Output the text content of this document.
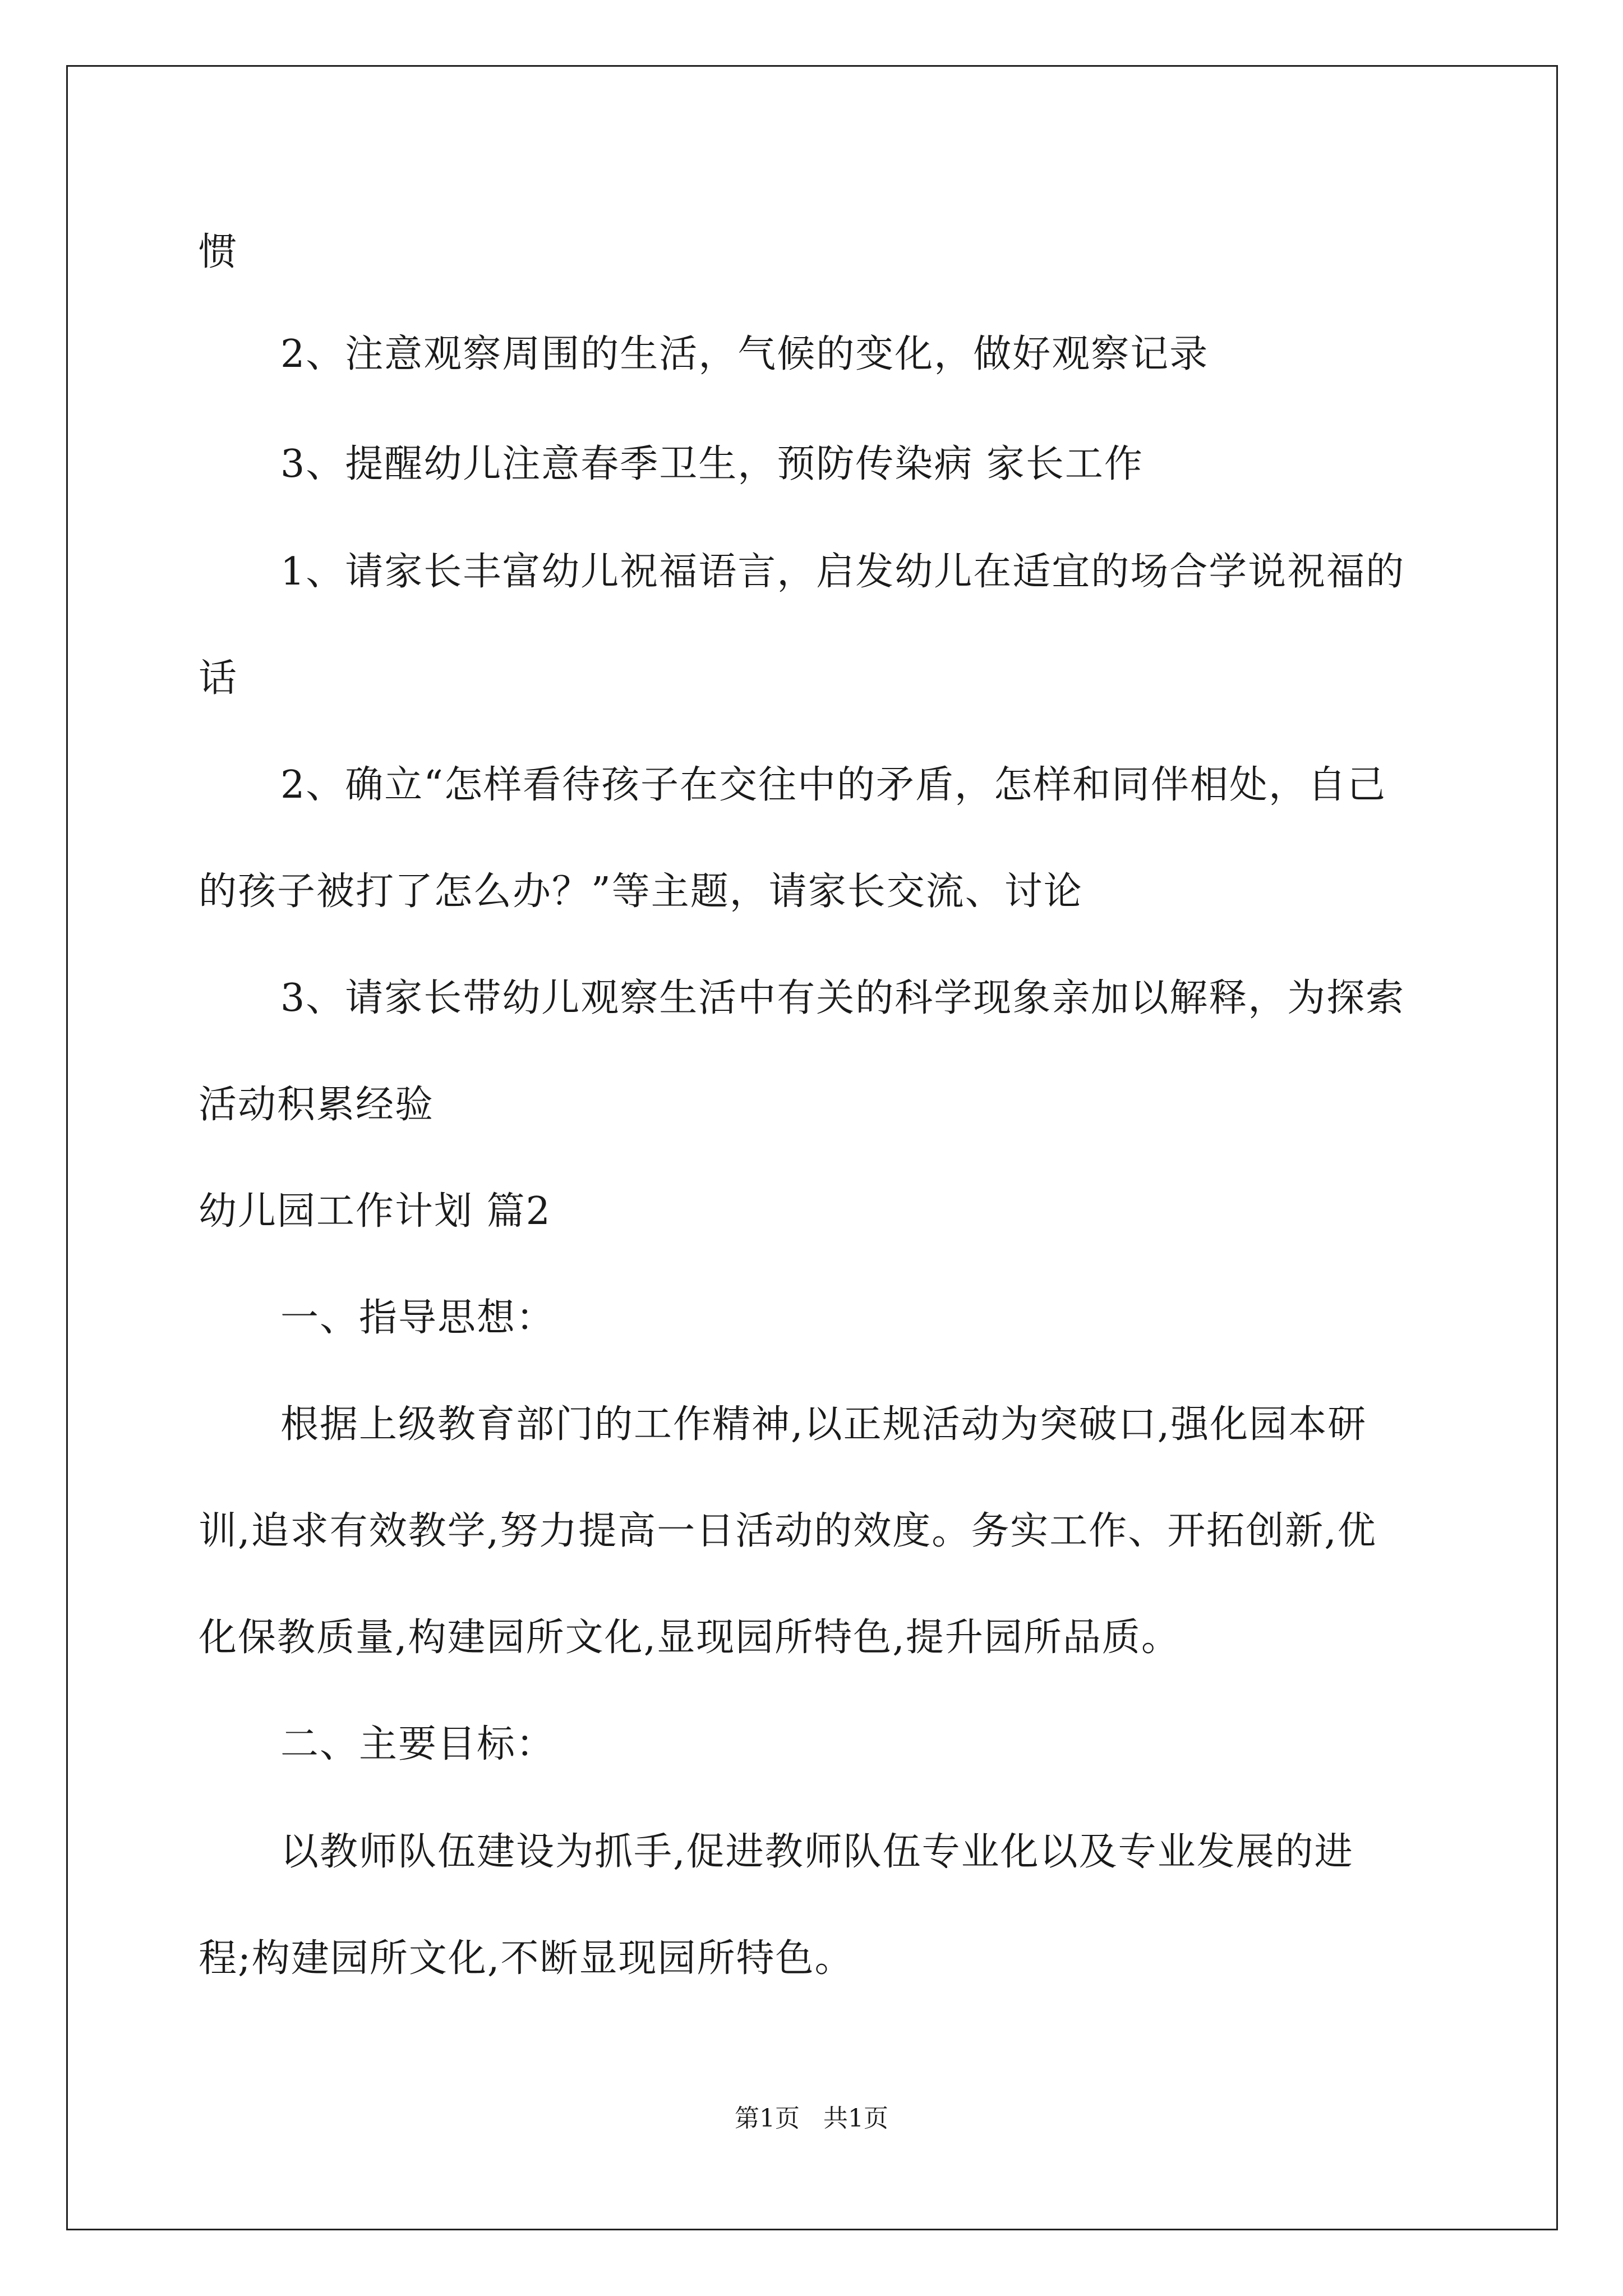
惯
2、注意观察周围的生活，气候的变化，做好观察记录
3、提醒幼儿注意春季卫生，预防传染病 家长工作
1、请家长丰富幼儿祝福语言，启发幼儿在适宜的场合学说祝福的
话
2、确立“怎样看待孩子在交往中的矛盾，怎样和同伴相处，自己
的孩子被打了怎么办？”等主题，请家长交流、讨论
3、请家长带幼儿观察生活中有关的科学现象亲加以解释，为探索
活动积累经验
幼儿园工作计划 篇2
一、指导思想：
根据上级教育部门的工作精神,以正规活动为突破口,强化园本研
训,追求有效教学,努力提高一日活动的效度。务实工作、开拓创新,优
化保教质量,构建园所文化,显现园所特色,提升园所品质。
二、主要目标：
以教师队伍建设为抓手,促进教师队伍专业化以及专业发展的进
程;构建园所文化,不断显现园所特色。
第1页   共1页
